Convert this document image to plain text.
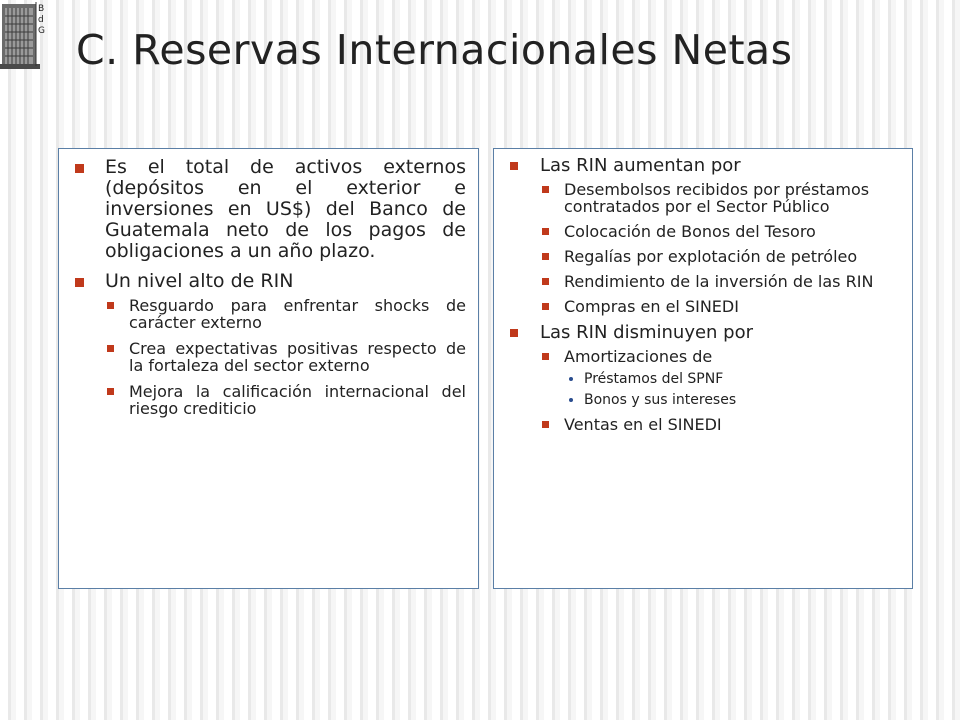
B
d
G C. Reservas Internacionales Netas
Es el total de activos externos (depósitos en el exterior e inversiones en US$) del Banco de Guatemala neto de los pagos de obligaciones a un año plazo.
Un nivel alto de RIN
Resguardo para enfrentar shocks de carácter externo
Crea expectativas positivas respecto de la fortaleza del sector externo
Mejora la calificación internacional del riesgo crediticio
Las RIN aumentan por
Desembolsos recibidos por préstamos contratados por el Sector Público
Colocación de Bonos del Tesoro
Regalías por explotación de petróleo
Rendimiento de la inversión de las RIN
Compras en el SINEDI
Las RIN disminuyen por
Amortizaciones de
Préstamos del SPNF
Bonos y sus intereses
Ventas en el SINEDI
